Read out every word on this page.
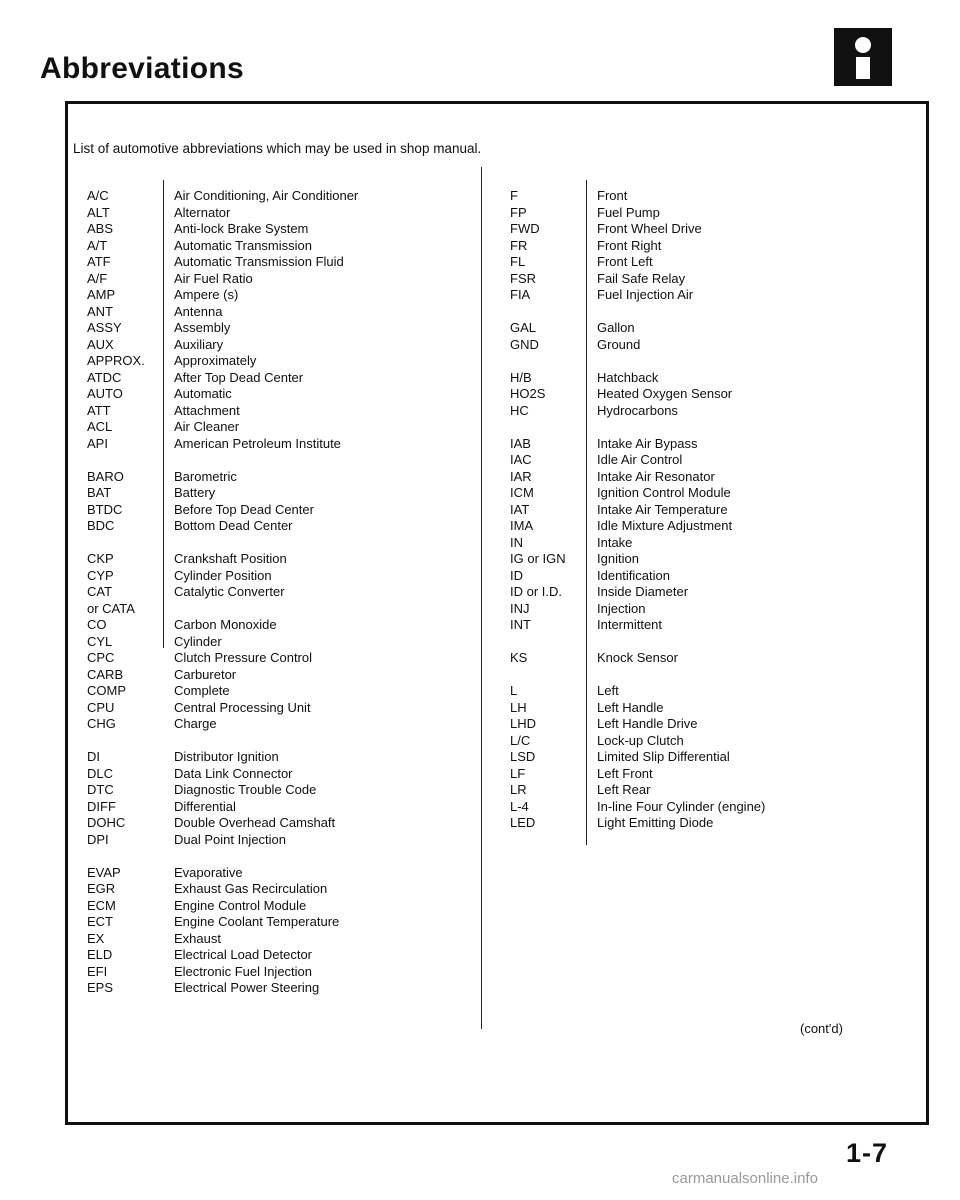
Abbreviations
List of automotive abbreviations which may be used in shop manual.
A/C
ALT
ABS
A/T
ATF
A/F
AMP
ANT
ASSY
AUX
APPROX.
ATDC
AUTO
ATT
ACL
API
BARO
BAT
BTDC
BDC
CKP
CYP
CAT
or CATA
CO
CYL
CPC
CARB
COMP
CPU
CHG
DI
DLC
DTC
DIFF
DOHC
DPI
EVAP
EGR
ECM
ECT
EX
ELD
EFI
EPS
Air Conditioning, Air Conditioner
Alternator
Anti-lock Brake System
Automatic Transmission
Automatic Transmission Fluid
Air Fuel Ratio
Ampere (s)
Antenna
Assembly
Auxiliary
Approximately
After Top Dead Center
Automatic
Attachment
Air Cleaner
American Petroleum Institute
Barometric
Battery
Before Top Dead Center
Bottom Dead Center
Crankshaft Position
Cylinder Position
Catalytic Converter
Carbon Monoxide
Cylinder
Clutch Pressure Control
Carburetor
Complete
Central Processing Unit
Charge
Distributor Ignition
Data Link Connector
Diagnostic Trouble Code
Differential
Double Overhead Camshaft
Dual Point Injection
Evaporative
Exhaust Gas Recirculation
Engine Control Module
Engine Coolant Temperature
Exhaust
Electrical Load Detector
Electronic Fuel Injection
Electrical Power Steering
F
FP
FWD
FR
FL
FSR
FIA
GAL
GND
H/B
HO2S
HC
IAB
IAC
IAR
ICM
IAT
IMA
IN
IG or IGN
ID
ID or I.D.
INJ
INT
KS
L
LH
LHD
L/C
LSD
LF
LR
L-4
LED
Front
Fuel Pump
Front Wheel Drive
Front Right
Front Left
Fail Safe Relay
Fuel Injection Air
Gallon
Ground
Hatchback
Heated Oxygen Sensor
Hydrocarbons
Intake Air Bypass
Idle Air Control
Intake Air Resonator
Ignition Control Module
Intake Air Temperature
Idle Mixture Adjustment
Intake
Ignition
Identification
Inside Diameter
Injection
Intermittent
Knock Sensor
Left
Left Handle
Left Handle Drive
Lock-up Clutch
Limited Slip Differential
Left Front
Left Rear
In-line Four Cylinder (engine)
Light Emitting Diode
(cont'd)
1-7
carmanualsonline.info
